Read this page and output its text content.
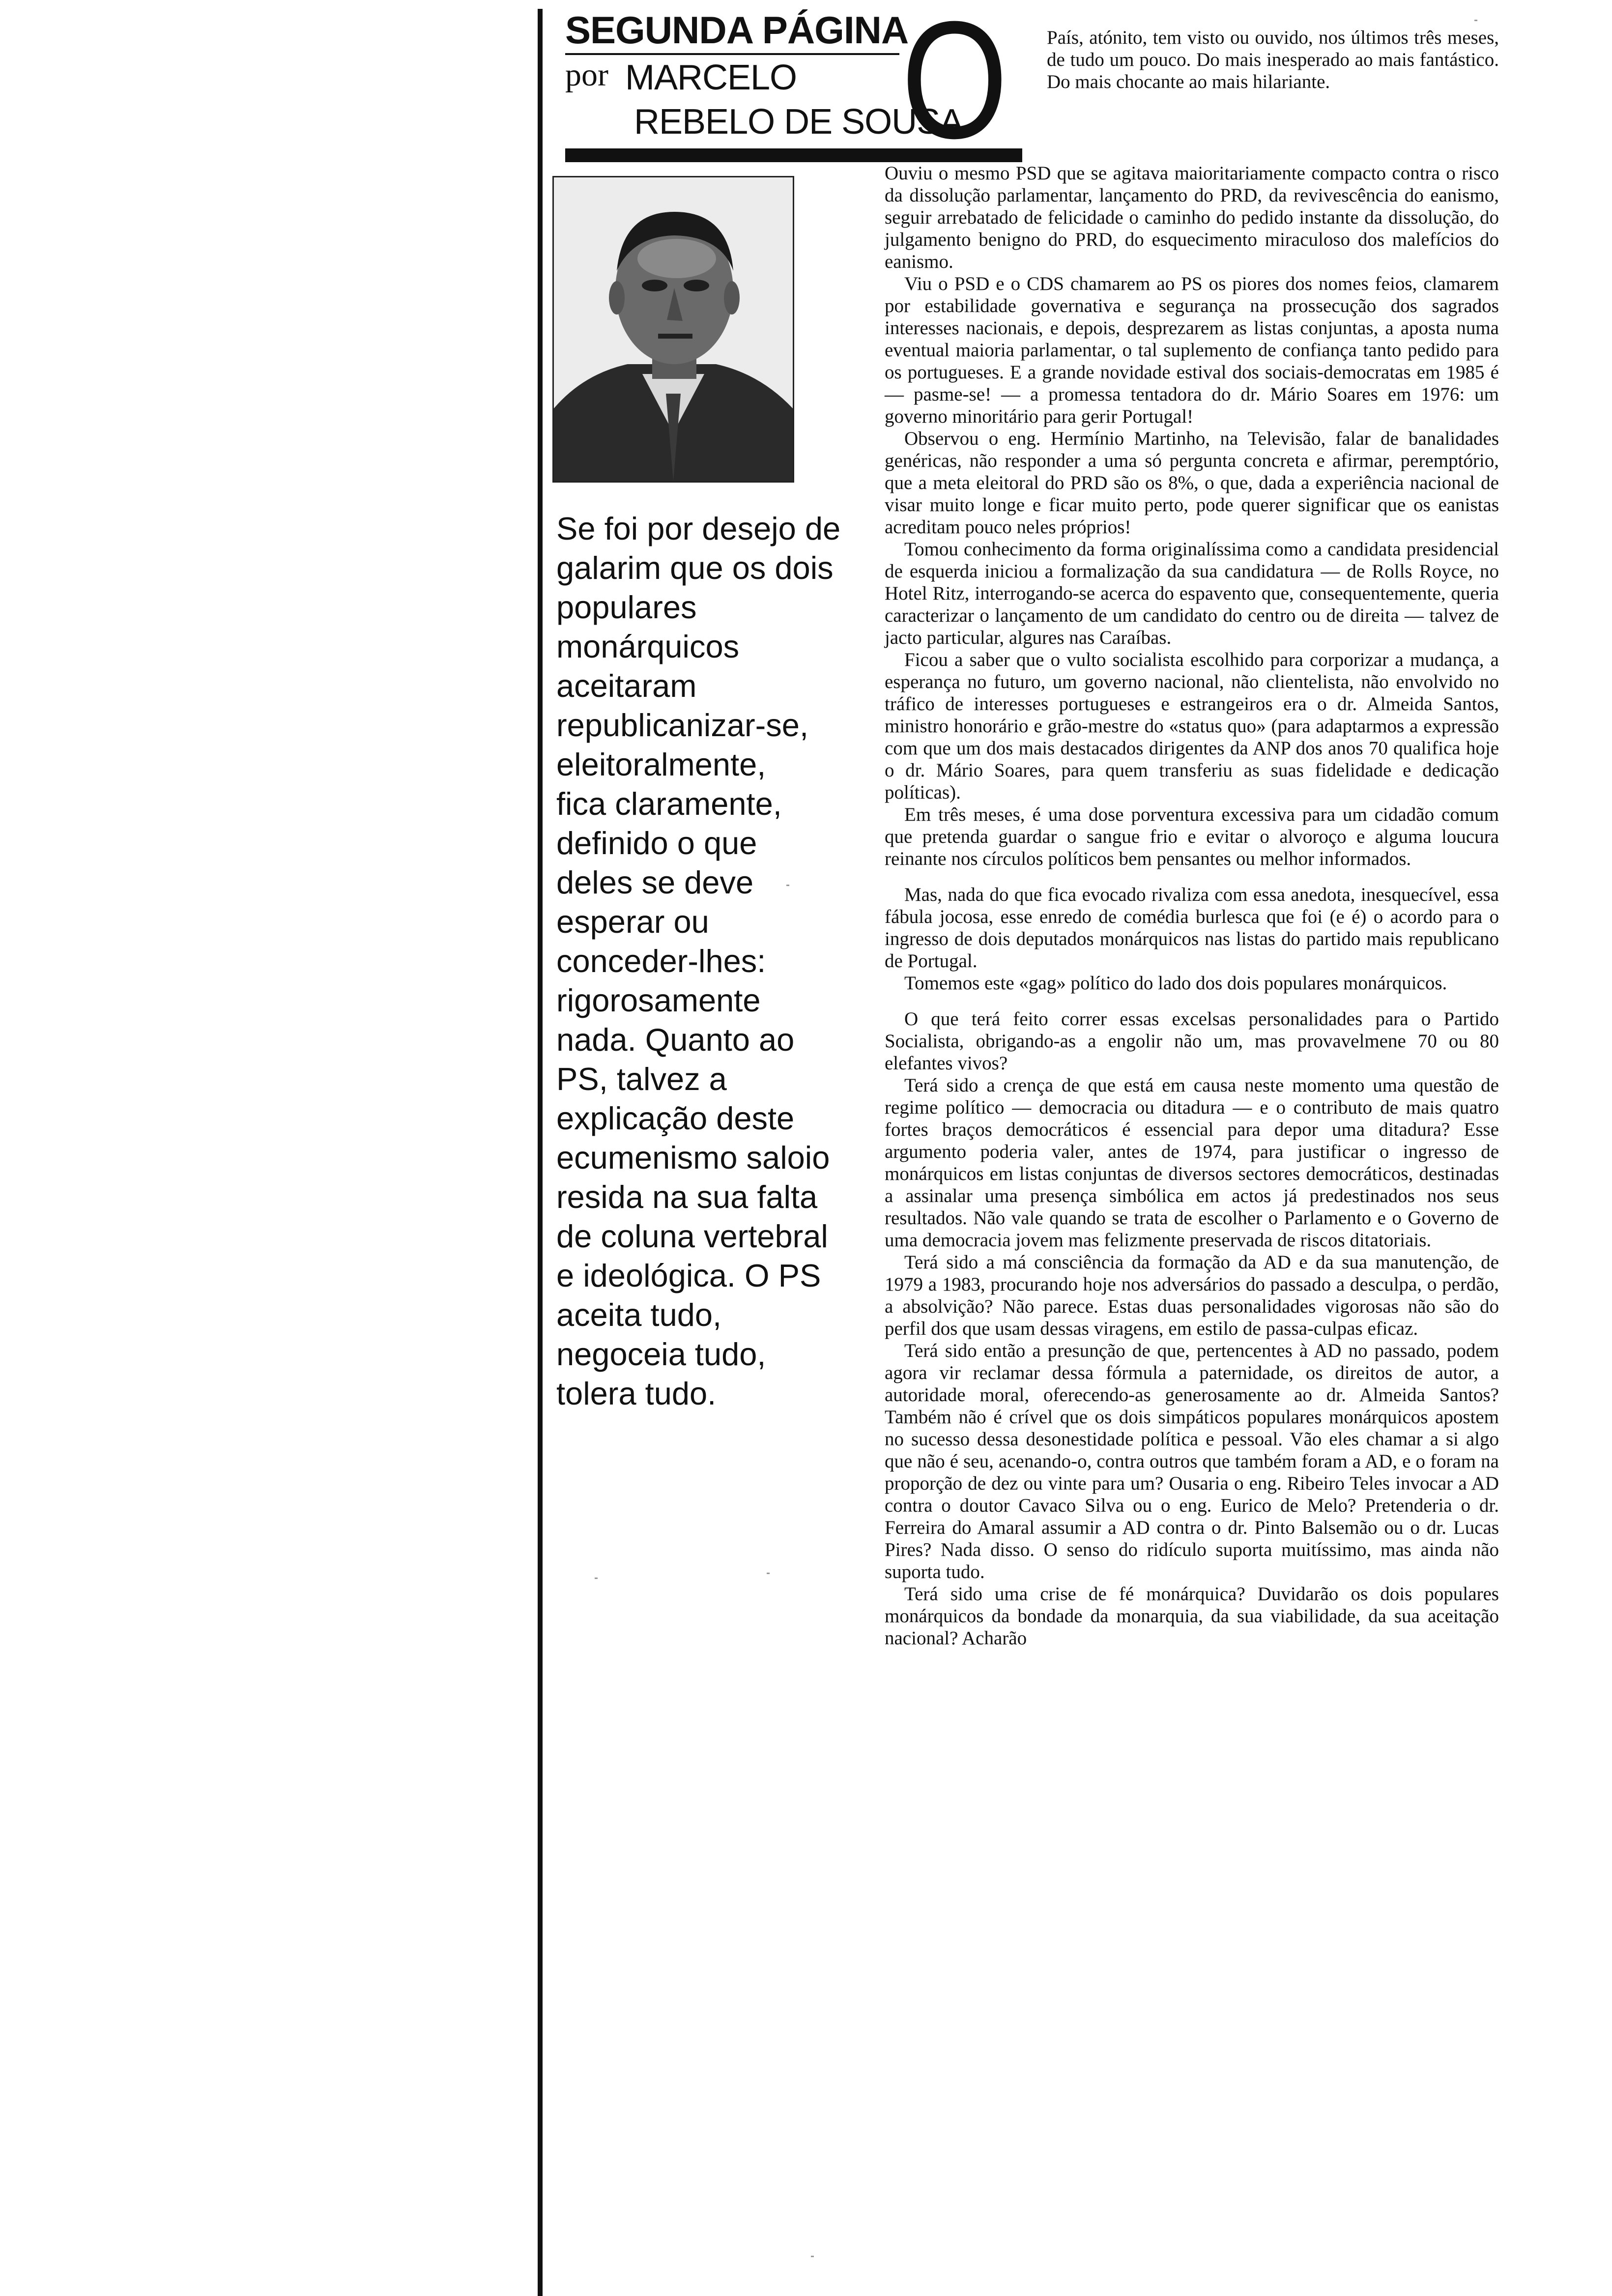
SEGUNDA PÁGINA
por MARCELO
REBELO DE SOUSA
O
Se foi por desejo de
galarim que os dois
populares
monárquicos
aceitaram
republicanizar-se,
eleitoralmente,
fica claramente,
definido o que
deles se deve
esperar ou
conceder-lhes:
rigorosamente
nada. Quanto ao
PS, talvez a
explicação deste
ecumenismo saloio
resida na sua falta
de coluna vertebral
e ideológica. O PS
aceita tudo,
negoceia tudo,
tolera tudo.

País, atónito, tem visto ou ouvido, nos últimos três meses, de tudo um pouco. Do mais inesperado ao mais fantástico. Do mais chocante ao mais hilariante.

Ouviu o mesmo PSD que se agitava maioritariamente compacto contra o risco da dissolução parlamentar, lançamento do PRD, da revivescência do eanismo, seguir arrebatado de felicidade o caminho do pedido instante da dissolução, do julgamento benigno do PRD, do esquecimento miraculoso dos malefícios do eanismo.

Viu o PSD e o CDS chamarem ao PS os piores dos nomes feios, clamarem por estabilidade governativa e segurança na prossecução dos sagrados interesses nacionais, e depois, desprezarem as listas conjuntas, a aposta numa eventual maioria parlamentar, o tal suplemento de confiança tanto pedido para os portugueses. E a grande novidade estival dos sociais-democratas em 1985 é — pasme-se! — a promessa tentadora do dr. Mário Soares em 1976: um governo minoritário para gerir Portugal!

Observou o eng. Hermínio Martinho, na Televisão, falar de banalidades genéricas, não responder a uma só pergunta concreta e afirmar, peremptório, que a meta eleitoral do PRD são os 8%, o que, dada a experiência nacional de visar muito longe e ficar muito perto, pode querer significar que os eanistas acreditam pouco neles próprios!

Tomou conhecimento da forma originalíssima como a candidata presidencial de esquerda iniciou a formalização da sua candidatura — de Rolls Royce, no Hotel Ritz, interrogando-se acerca do espavento que, consequentemente, queria caracterizar o lançamento de um candidato do centro ou de direita — talvez de jacto particular, algures nas Caraíbas.

Ficou a saber que o vulto socialista escolhido para corporizar a mudança, a esperança no futuro, um governo nacional, não clientelista, não envolvido no tráfico de interesses portugueses e estrangeiros era o dr. Almeida Santos, ministro honorário e grão-mestre do «status quo» (para adaptarmos a expressão com que um dos mais destacados dirigentes da ANP dos anos 70 qualifica hoje o dr. Mário Soares, para quem transferiu as suas fidelidade e dedicação políticas).

Em três meses, é uma dose porventura excessiva para um cidadão comum que pretenda guardar o sangue frio e evitar o alvoroço e alguma loucura reinante nos círculos políticos bem pensantes ou melhor informados.

Mas, nada do que fica evocado rivaliza com essa anedota, inesquecível, essa fábula jocosa, esse enredo de comédia burlesca que foi (e é) o acordo para o ingresso de dois deputados monárquicos nas listas do partido mais republicano de Portugal.

Tomemos este «gag» político do lado dos dois populares monárquicos.

O que terá feito correr essas excelsas personalidades para o Partido Socialista, obrigando-as a engolir não um, mas provavelmene 70 ou 80 elefantes vivos?

Terá sido a crença de que está em causa neste momento uma questão de regime político — democracia ou ditadura — e o contributo de mais quatro fortes braços democráticos é essencial para depor uma ditadura? Esse argumento poderia valer, antes de 1974, para justificar o ingresso de monárquicos em listas conjuntas de diversos sectores democráticos, destinadas a assinalar uma presença simbólica em actos já predestinados nos seus resultados. Não vale quando se trata de escolher o Parlamento e o Governo de uma democracia jovem mas felizmente preservada de riscos ditatoriais.

Terá sido a má consciência da formação da AD e da sua manutenção, de 1979 a 1983, procurando hoje nos adversários do passado a desculpa, o perdão, a absolvição? Não parece. Estas duas personalidades vigorosas não são do perfil dos que usam dessas viragens, em estilo de passa-culpas eficaz.

Terá sido então a presunção de que, pertencentes à AD no passado, podem agora vir reclamar dessa fórmula a paternidade, os direitos de autor, a autoridade moral, oferecendo-as generosamente ao dr. Almeida Santos? Também não é crível que os dois simpáticos populares monárquicos apostem no sucesso dessa desonestidade política e pessoal. Vão eles chamar a si algo que não é seu, acenando-o, contra outros que também foram a AD, e o foram na proporção de dez ou vinte para um? Ousaria o eng. Ribeiro Teles invocar a AD contra o doutor Cavaco Silva ou o eng. Eurico de Melo? Pretenderia o dr. Ferreira do Amaral assumir a AD contra o dr. Pinto Balsemão ou o dr. Lucas Pires? Nada disso. O senso do ridículo suporta muitíssimo, mas ainda não suporta tudo.

Terá sido uma crise de fé monárquica? Duvidarão os dois populares monárquicos da bondade da monarquia, da sua viabilidade, da sua aceitação nacional? Acharão
